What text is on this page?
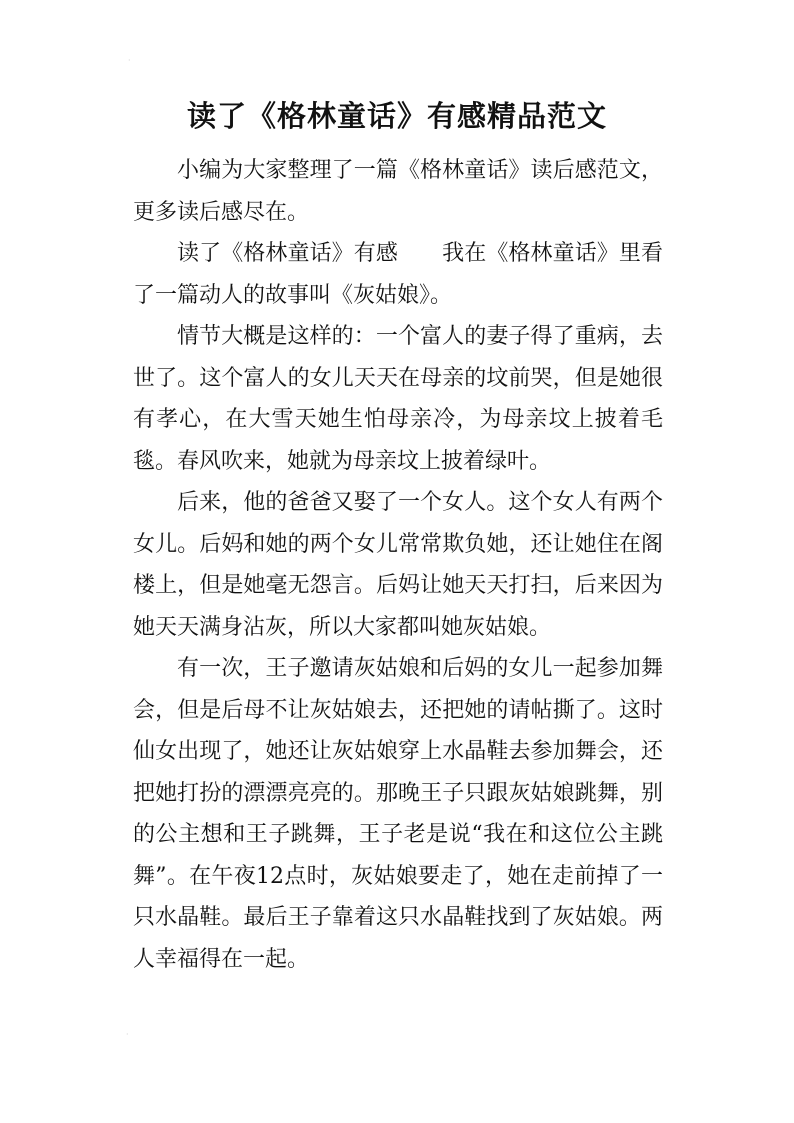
·
读了《格林童话》有感精品范文

小编为大家整理了一篇《格林童话》读后感范文，更多读后感尽在。

读了《格林童话》有感　　我在《格林童话》里看了一篇动人的故事叫《灰姑娘》。

情节大概是这样的：一个富人的妻子得了重病，去世了。这个富人的女儿天天在母亲的坟前哭，但是她很有孝心，在大雪天她生怕母亲冷，为母亲坟上披着毛毯。春风吹来，她就为母亲坟上披着绿叶。

后来，他的爸爸又娶了一个女人。这个女人有两个女儿。后妈和她的两个女儿常常欺负她，还让她住在阁楼上，但是她毫无怨言。后妈让她天天打扫，后来因为她天天满身沾灰，所以大家都叫她灰姑娘。

有一次，王子邀请灰姑娘和后妈的女儿一起参加舞会，但是后母不让灰姑娘去，还把她的请帖撕了。这时仙女出现了，她还让灰姑娘穿上水晶鞋去参加舞会，还把她打扮的漂漂亮亮的。那晚王子只跟灰姑娘跳舞，别的公主想和王子跳舞，王子老是说“我在和这位公主跳舞”。在午夜12点时，灰姑娘要走了，她在走前掉了一只水晶鞋。最后王子靠着这只水晶鞋找到了灰姑娘。两人幸福得在一起。

·
